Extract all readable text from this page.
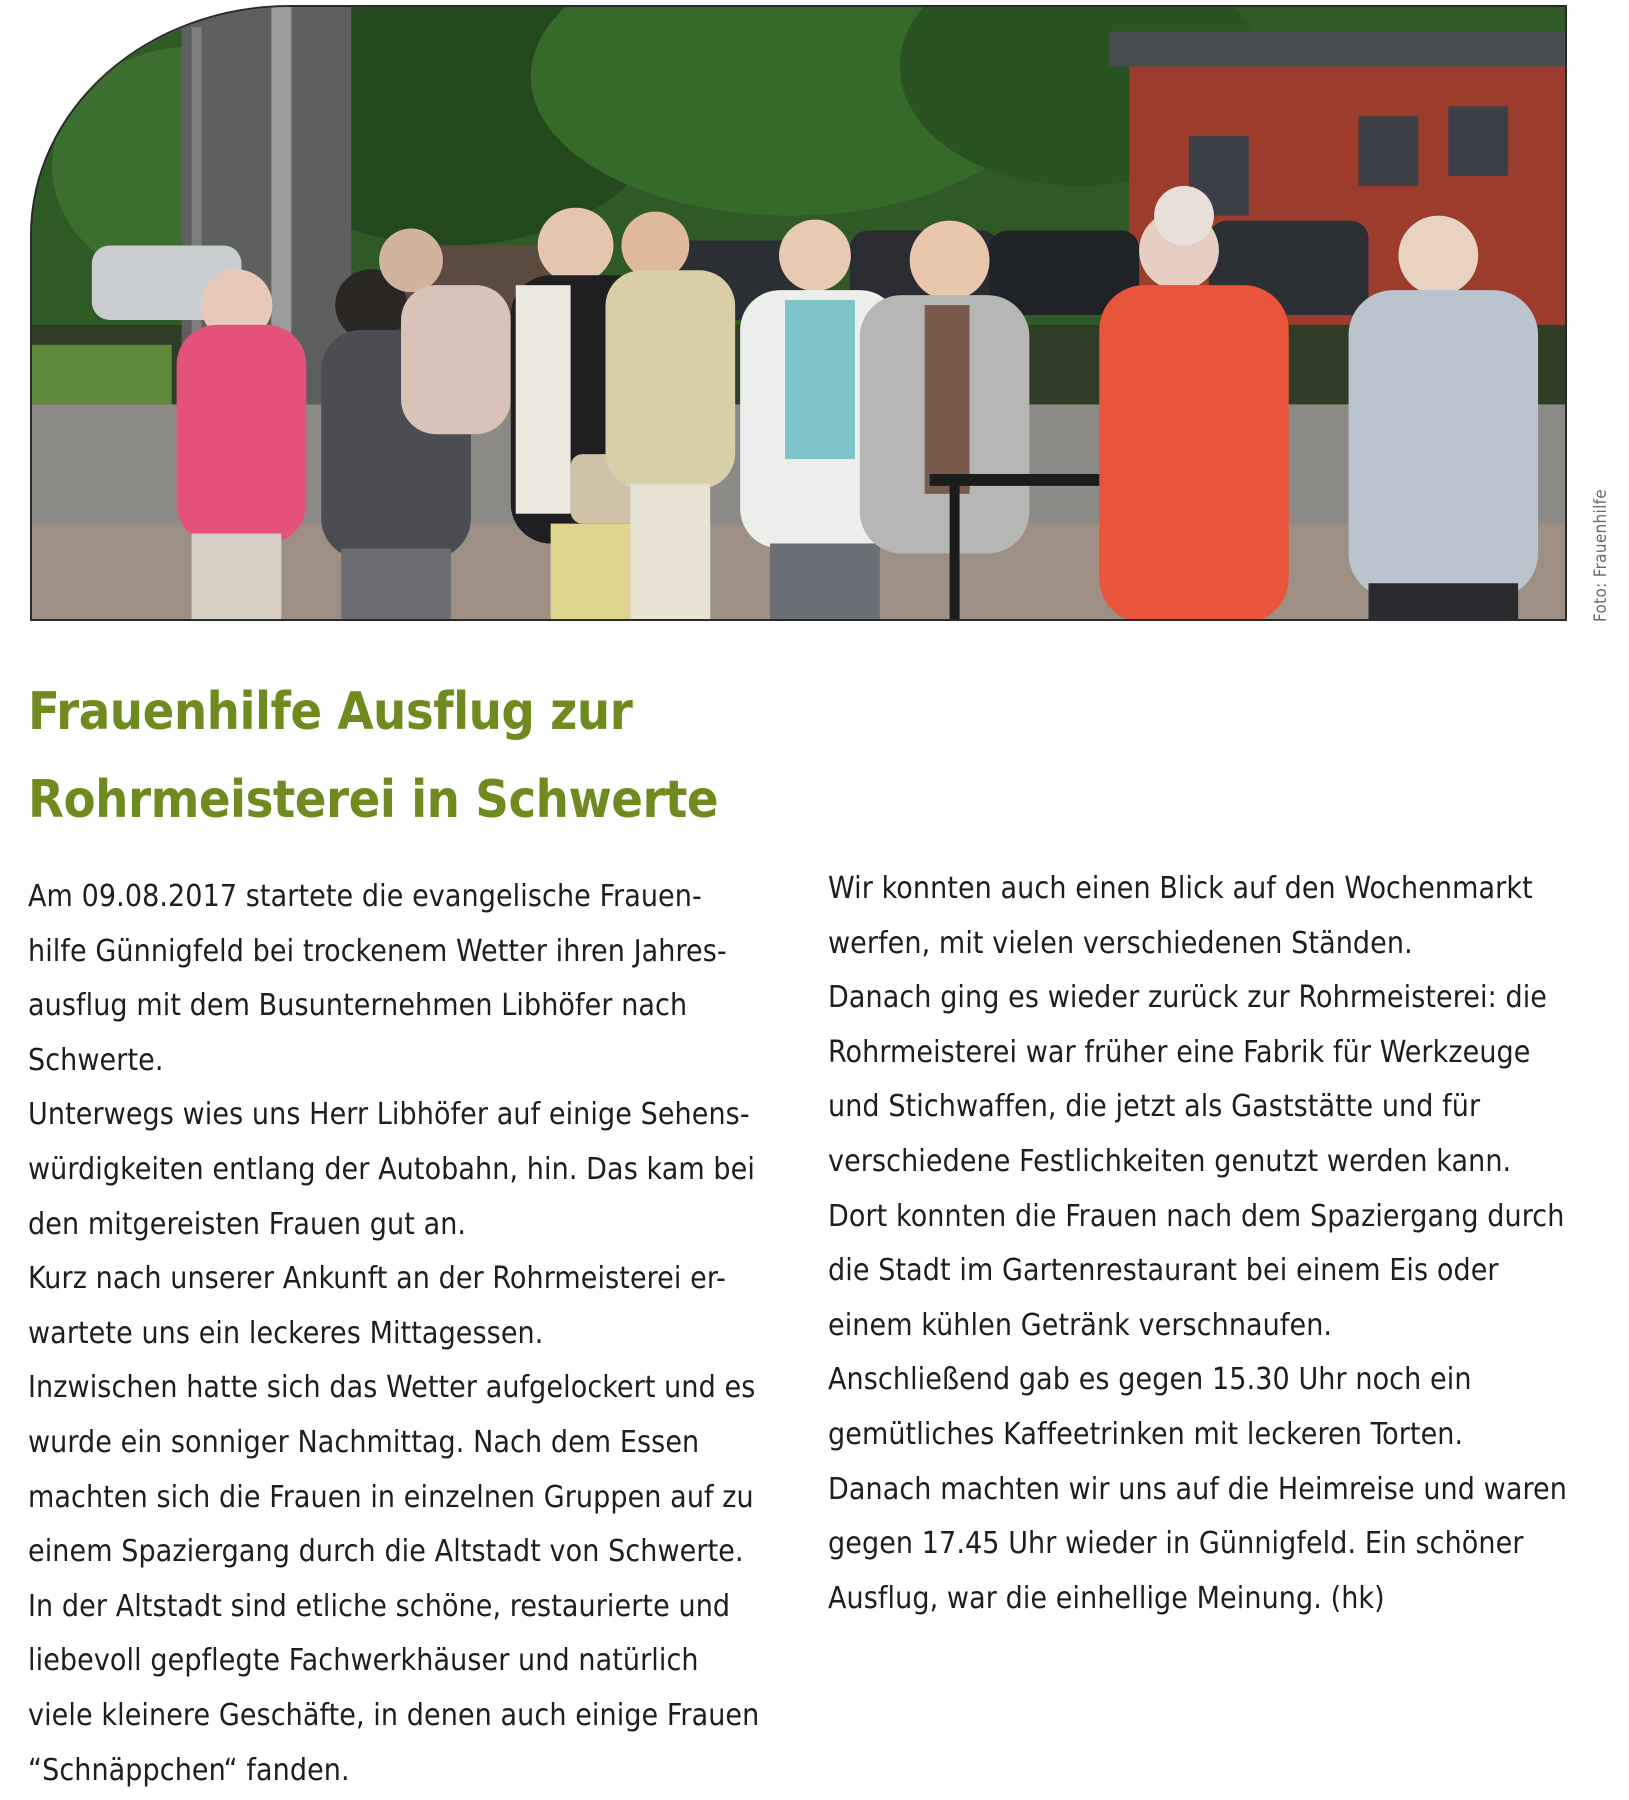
Foto: Frauenhilfe
Frauenhilfe Ausflug zur
Rohrmeisterei in Schwerte
Am 09.08.2017 startete die evangelische Frauen-
hilfe Günnigfeld bei trockenem Wetter ihren Jahres-
ausflug mit dem Busunternehmen Libhöfer nach
Schwerte.
Unterwegs wies uns Herr Libhöfer auf einige Sehens-
würdigkeiten entlang der Autobahn, hin. Das kam bei
den mitgereisten Frauen gut an.
Kurz nach unserer Ankunft an der Rohrmeisterei er-
wartete uns ein leckeres Mittagessen.
Inzwischen hatte sich das Wetter aufgelockert und es
wurde ein sonniger Nachmittag. Nach dem Essen
machten sich die Frauen in einzelnen Gruppen auf zu
einem Spaziergang durch die Altstadt von Schwerte.
In der Altstadt sind etliche schöne, restaurierte und
liebevoll gepflegte Fachwerkhäuser und natürlich
viele kleinere Geschäfte, in denen auch einige Frauen
“Schnäppchen“ fanden.
Wir konnten auch einen Blick auf den Wochenmarkt
werfen, mit vielen verschiedenen Ständen.
Danach ging es wieder zurück zur Rohrmeisterei: die
Rohrmeisterei war früher eine Fabrik für Werkzeuge
und Stichwaffen, die jetzt als Gaststätte und für
verschiedene Festlichkeiten genutzt werden kann.
Dort konnten die Frauen nach dem Spaziergang durch
die Stadt im Gartenrestaurant bei einem Eis oder
einem kühlen Getränk verschnaufen.
Anschließend gab es gegen 15.30 Uhr noch ein
gemütliches Kaffeetrinken mit leckeren Torten.
Danach machten wir uns auf die Heimreise und waren
gegen 17.45 Uhr wieder in Günnigfeld. Ein schöner
Ausflug, war die einhellige Meinung. (hk)
